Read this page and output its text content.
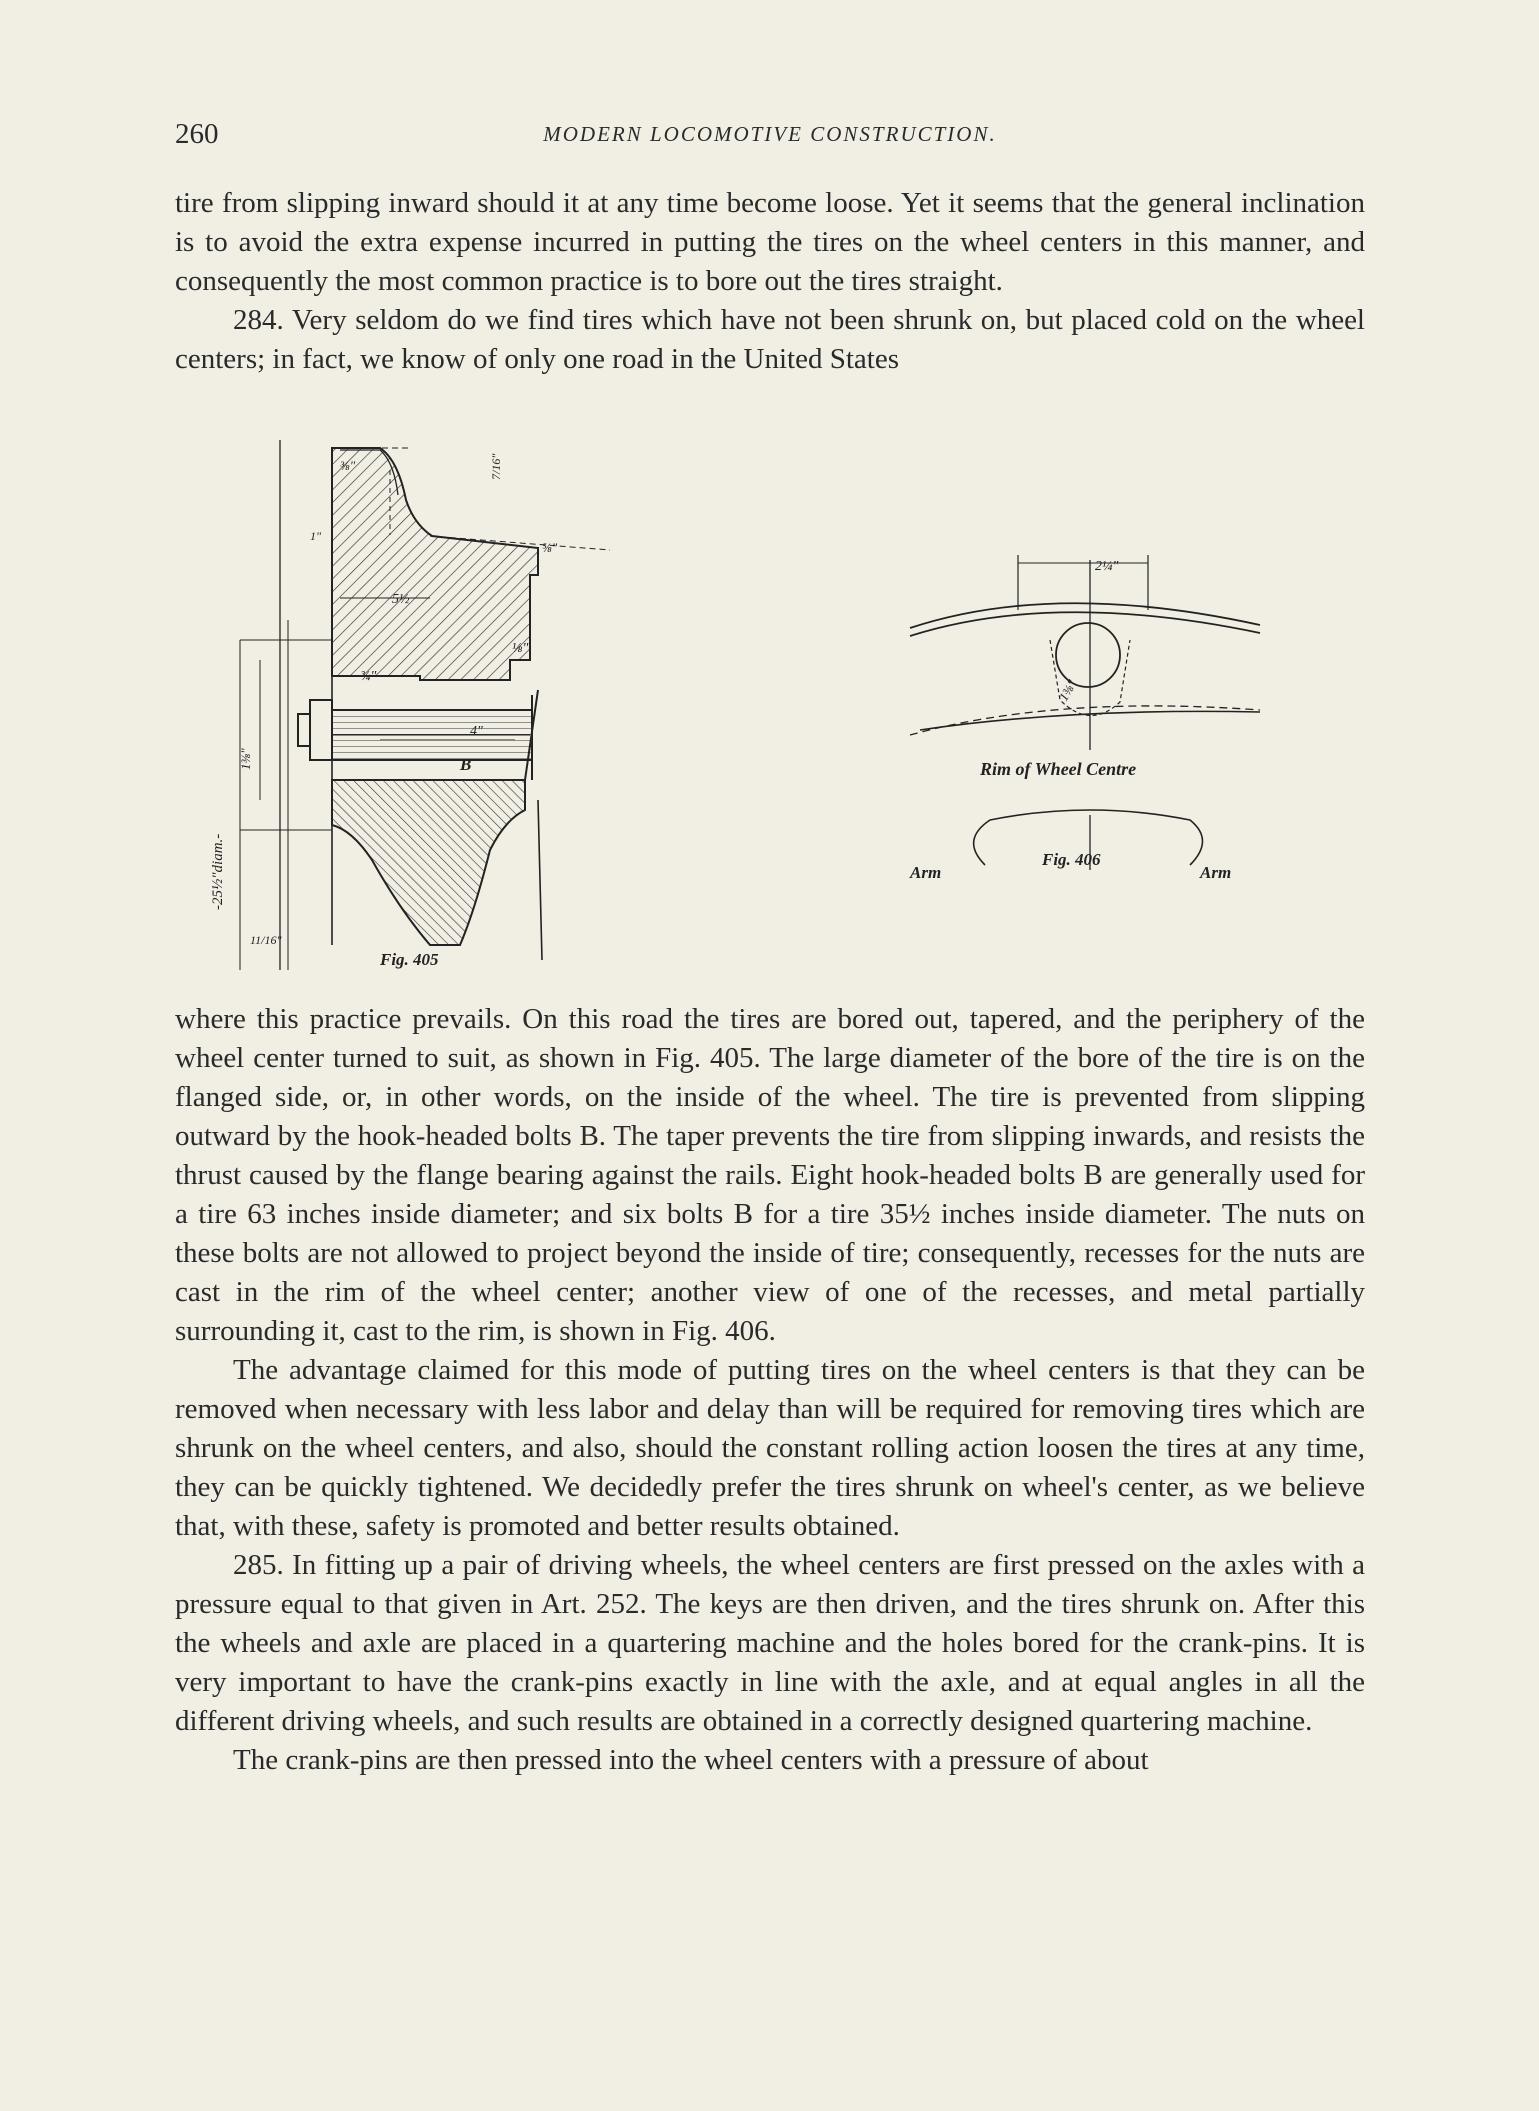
260	MODERN LOCOMOTIVE CONSTRUCTION.

tire from slipping inward should it at any time become loose. Yet it seems that the general inclination is to avoid the extra expense incurred in putting the tires on the wheel centers in this manner, and consequently the most common practice is to bore out the tires straight.

284. Very seldom do we find tires which have not been shrunk on, but placed cold on the wheel centers; in fact, we know of only one road in the United States

B
-25½"diam.-
5½
4"
¾"
1⅜"
⅛"
⅜"
⅝"
11/16"
7/16"
1"
Fig. 405
Rim of Wheel Centre
Arm	Arm
Fig. 406
2¼"
1⅜"

where this practice prevails. On this road the tires are bored out, tapered, and the periphery of the wheel center turned to suit, as shown in Fig. 405. The large diameter of the bore of the tire is on the flanged side, or, in other words, on the inside of the wheel. The tire is prevented from slipping outward by the hook-headed bolts B. The taper prevents the tire from slipping inwards, and resists the thrust caused by the flange bearing against the rails. Eight hook-headed bolts B are generally used for a tire 63 inches inside diameter; and six bolts B for a tire 35½ inches inside diameter. The nuts on these bolts are not allowed to project beyond the inside of tire; consequently, recesses for the nuts are cast in the rim of the wheel center; another view of one of the recesses, and metal partially surrounding it, cast to the rim, is shown in Fig. 406.

The advantage claimed for this mode of putting tires on the wheel centers is that they can be removed when necessary with less labor and delay than will be required for removing tires which are shrunk on the wheel centers, and also, should the constant rolling action loosen the tires at any time, they can be quickly tightened. We decidedly prefer the tires shrunk on wheel's center, as we believe that, with these, safety is promoted and better results obtained.

285. In fitting up a pair of driving wheels, the wheel centers are first pressed on the axles with a pressure equal to that given in Art. 252. The keys are then driven, and the tires shrunk on. After this the wheels and axle are placed in a quartering machine and the holes bored for the crank-pins. It is very important to have the crank-pins exactly in line with the axle, and at equal angles in all the different driving wheels, and such results are obtained in a correctly designed quartering machine.

The crank-pins are then pressed into the wheel centers with a pressure of about
